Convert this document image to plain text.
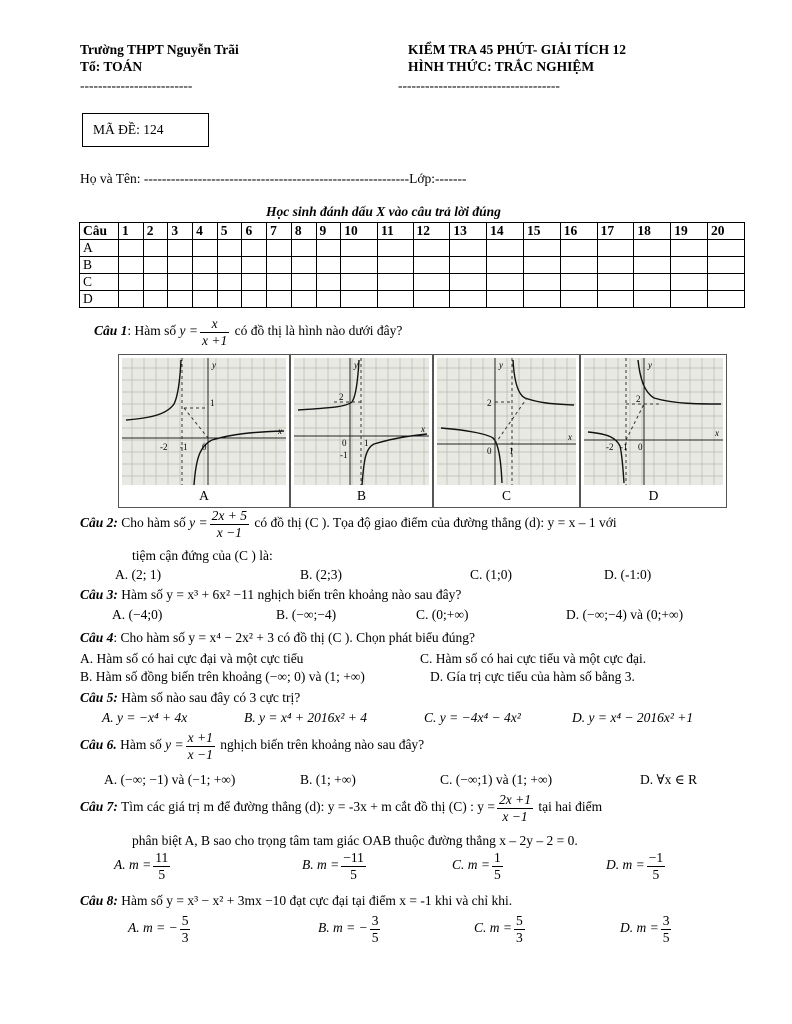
Trường THPT Nguyễn Trãi
Tổ: TOÁN
-------------------------
KIỂM TRA 45 PHÚT- GIẢI TÍCH 12
HÌNH THỨC: TRẮC NGHIỆM
------------------------------------
MÃ ĐỀ: 124
Họ và Tên: -----------------------------------------------------------Lớp:-------
Học sinh đánh dấu X vào câu trả lời đúng
Câu	1	2	3	4	5	6	7	8	9	10	11	12	13	14	15	16	17	18	19	20
A																				
B																				
C																				
D																				
Câu 1: Hàm số $y = \frac{x}{x +1}$ có đồ thị là hình nào dưới đây?
-2 -1 0
1
y
x
A
2
0 1
-1
y
x
B
2
1
0
y
x
C
2
-2 -1 0
y
x
D
Câu 2: Cho hàm số $y = \frac{2x + 5}{x -1}$ có đồ thị (C ). Tọa độ giao điểm của đường thẳng (d): y = x – 1 với
tiệm cận đứng của (C ) là:
A. (2; 1)	B. (2;3)	C. (1;0)	D. (-1:0)
Câu 3: Hàm số y = x³ + 6x² −11 nghịch biến trên khoảng nào sau đây?
A. (−4;0)	B. (−∞;−4)	C. (0;+∞)	D. (−∞;−4) và (0;+∞)
Câu 4: Cho hàm số y = x⁴ − 2x² + 3 có đồ thị (C ). Chọn phát biểu đúng?
A. Hàm số có hai cực đại và một cực tiểu	C. Hàm số có hai cực tiểu và một cực đại.
B. Hàm số đồng biến trên khoảng (−∞; 0) và (1; +∞)	D. Gía trị cực tiểu của hàm số bằng 3.
Câu 5: Hàm số nào sau đây có 3 cực trị?
A. y = −x⁴ + 4x	B. y = x⁴ + 2016x² + 4	C. y = −4x⁴ − 4x²	D. y = x⁴ − 2016x² +1
Câu 6. Hàm số $y = \frac{x +1}{x -1}$ nghịch biến trên khoảng nào sau đây?
A. (−∞; −1) và (−1; +∞)	B. (1; +∞)	C. (−∞;1) và (1; +∞)	D. ∀x ∈ R
Câu 7: Tìm các giá trị m để đường thẳng (d): y = -3x + m cắt đồ thị (C) : $y = \frac{2x +1}{x -1}$ tại hai điểm
phân biệt A, B sao cho trọng tâm tam giác OAB thuộc đường thẳng x – 2y – 2 = 0.
A. $m = \frac{11}{5}$	B. $m = \frac{-11}{5}$	C. $m = \frac{1}{5}$	D. $m = \frac{-1}{5}$
Câu 8: Hàm số y = x³ − x² + 3mx −10 đạt cực đại tại điểm x = -1 khi và chỉ khi.
A. m = − $\frac{5}{3}$	B. m = − $\frac{3}{5}$	C. $m = \frac{5}{3}$	D. $m = \frac{3}{5}$
